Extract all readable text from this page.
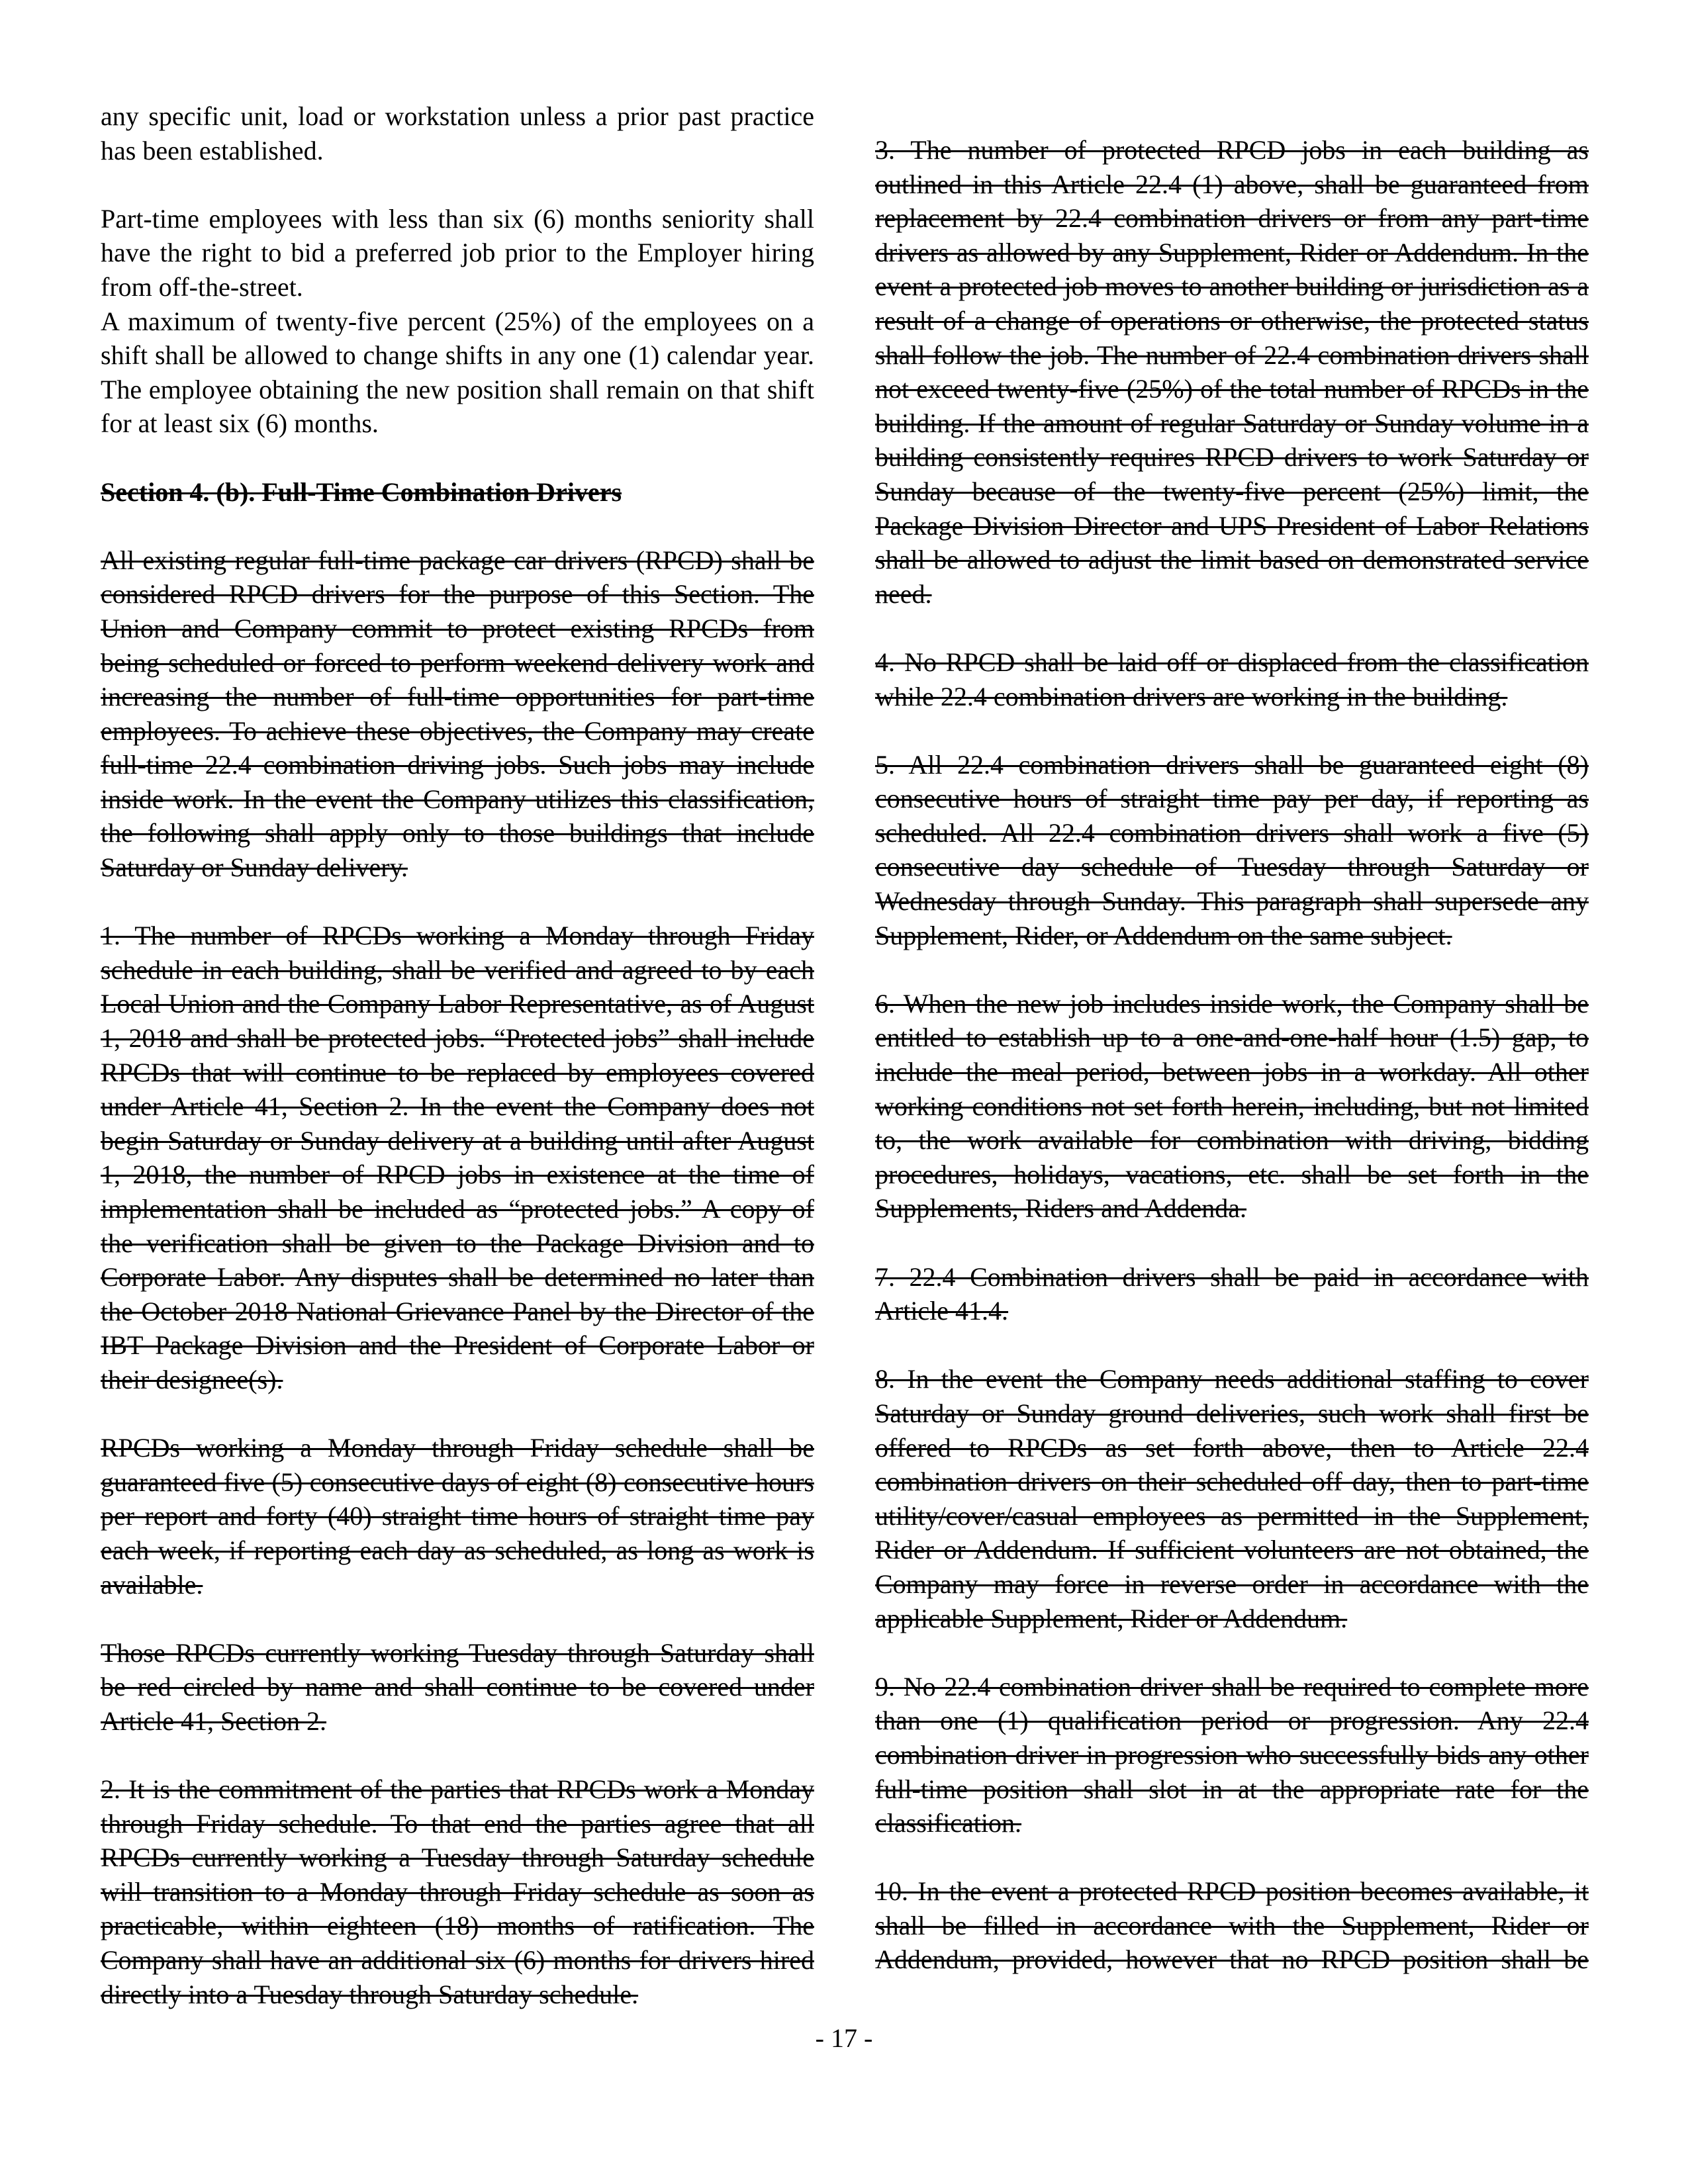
any specific unit, load or workstation unless a prior past practice has been established.

Part-time employees with less than six (6) months seniority shall have the right to bid a preferred job prior to the Employer hiring from off-the-street.

A maximum of twenty-five percent (25%) of the employees on a shift shall be allowed to change shifts in any one (1) calendar year. The employee obtaining the new position shall remain on that shift for at least six (6) months.

Section 4. (b). Full-Time Combination Drivers

All existing regular full-time package car drivers (RPCD) shall be considered RPCD drivers for the purpose of this Section. The Union and Company commit to protect existing RPCDs from being scheduled or forced to perform weekend delivery work and increasing the number of full-time opportunities for part-time employees. To achieve these objectives, the Company may create full-time 22.4 combination driving jobs. Such jobs may include inside work. In the event the Company utilizes this classification, the following shall apply only to those buildings that include Saturday or Sunday delivery.

1. The number of RPCDs working a Monday through Friday schedule in each building, shall be verified and agreed to by each Local Union and the Company Labor Representative, as of August 1, 2018 and shall be protected jobs. “Protected jobs” shall include RPCDs that will continue to be replaced by employees covered under Article 41, Section 2. In the event the Company does not begin Saturday or Sunday delivery at a building until after August 1, 2018, the number of RPCD jobs in existence at the time of implementation shall be included as “protected jobs.” A copy of the verification shall be given to the Package Division and to Corporate Labor. Any disputes shall be determined no later than the October 2018 National Grievance Panel by the Director of the IBT Package Division and the President of Corporate Labor or their designee(s).

RPCDs working a Monday through Friday schedule shall be guaranteed five (5) consecutive days of eight (8) consecutive hours per report and forty (40) straight time hours of straight time pay each week, if reporting each day as scheduled, as long as work is available.

Those RPCDs currently working Tuesday through Saturday shall be red circled by name and shall continue to be covered under Article 41, Section 2.

2. It is the commitment of the parties that RPCDs work a Monday through Friday schedule. To that end the parties agree that all RPCDs currently working a Tuesday through Saturday schedule will transition to a Monday through Friday schedule as soon as practicable, within eighteen (18) months of ratification. The Company shall have an additional six (6) months for drivers hired directly into a Tuesday through Saturday schedule.

3. The number of protected RPCD jobs in each building as outlined in this Article 22.4 (1) above, shall be guaranteed from replacement by 22.4 combination drivers or from any part-time drivers as allowed by any Supplement, Rider or Addendum. In the event a protected job moves to another building or jurisdiction as a result of a change of operations or otherwise, the protected status shall follow the job. The number of 22.4 combination drivers shall not exceed twenty-five (25%) of the total number of RPCDs in the building. If the amount of regular Saturday or Sunday volume in a building consistently requires RPCD drivers to work Saturday or Sunday because of the twenty-five percent (25%) limit, the Package Division Director and UPS President of Labor Relations shall be allowed to adjust the limit based on demonstrated service need.

4. No RPCD shall be laid off or displaced from the classification while 22.4 combination drivers are working in the building.

5. All 22.4 combination drivers shall be guaranteed eight (8) consecutive hours of straight time pay per day, if reporting as scheduled. All 22.4 combination drivers shall work a five (5) consecutive day schedule of Tuesday through Saturday or Wednesday through Sunday. This paragraph shall supersede any Supplement, Rider, or Addendum on the same subject.

6. When the new job includes inside work, the Company shall be entitled to establish up to a one-and-one-half hour (1.5) gap, to include the meal period, between jobs in a workday. All other working conditions not set forth herein, including, but not limited to, the work available for combination with driving, bidding procedures, holidays, vacations, etc. shall be set forth in the Supplements, Riders and Addenda.

7. 22.4 Combination drivers shall be paid in accordance with Article 41.4.

8. In the event the Company needs additional staffing to cover Saturday or Sunday ground deliveries, such work shall first be offered to RPCDs as set forth above, then to Article 22.4 combination drivers on their scheduled off day, then to part-time utility/cover/casual employees as permitted in the Supplement, Rider or Addendum. If sufficient volunteers are not obtained, the Company may force in reverse order in accordance with the applicable Supplement, Rider or Addendum.

9. No 22.4 combination driver shall be required to complete more than one (1) qualification period or progression. Any 22.4 combination driver in progression who successfully bids any other full-time position shall slot in at the appropriate rate for the classification.

10. In the event a protected RPCD position becomes available, it shall be filled in accordance with the Supplement, Rider or Addendum, provided, however that no RPCD position shall be

- 17 -
